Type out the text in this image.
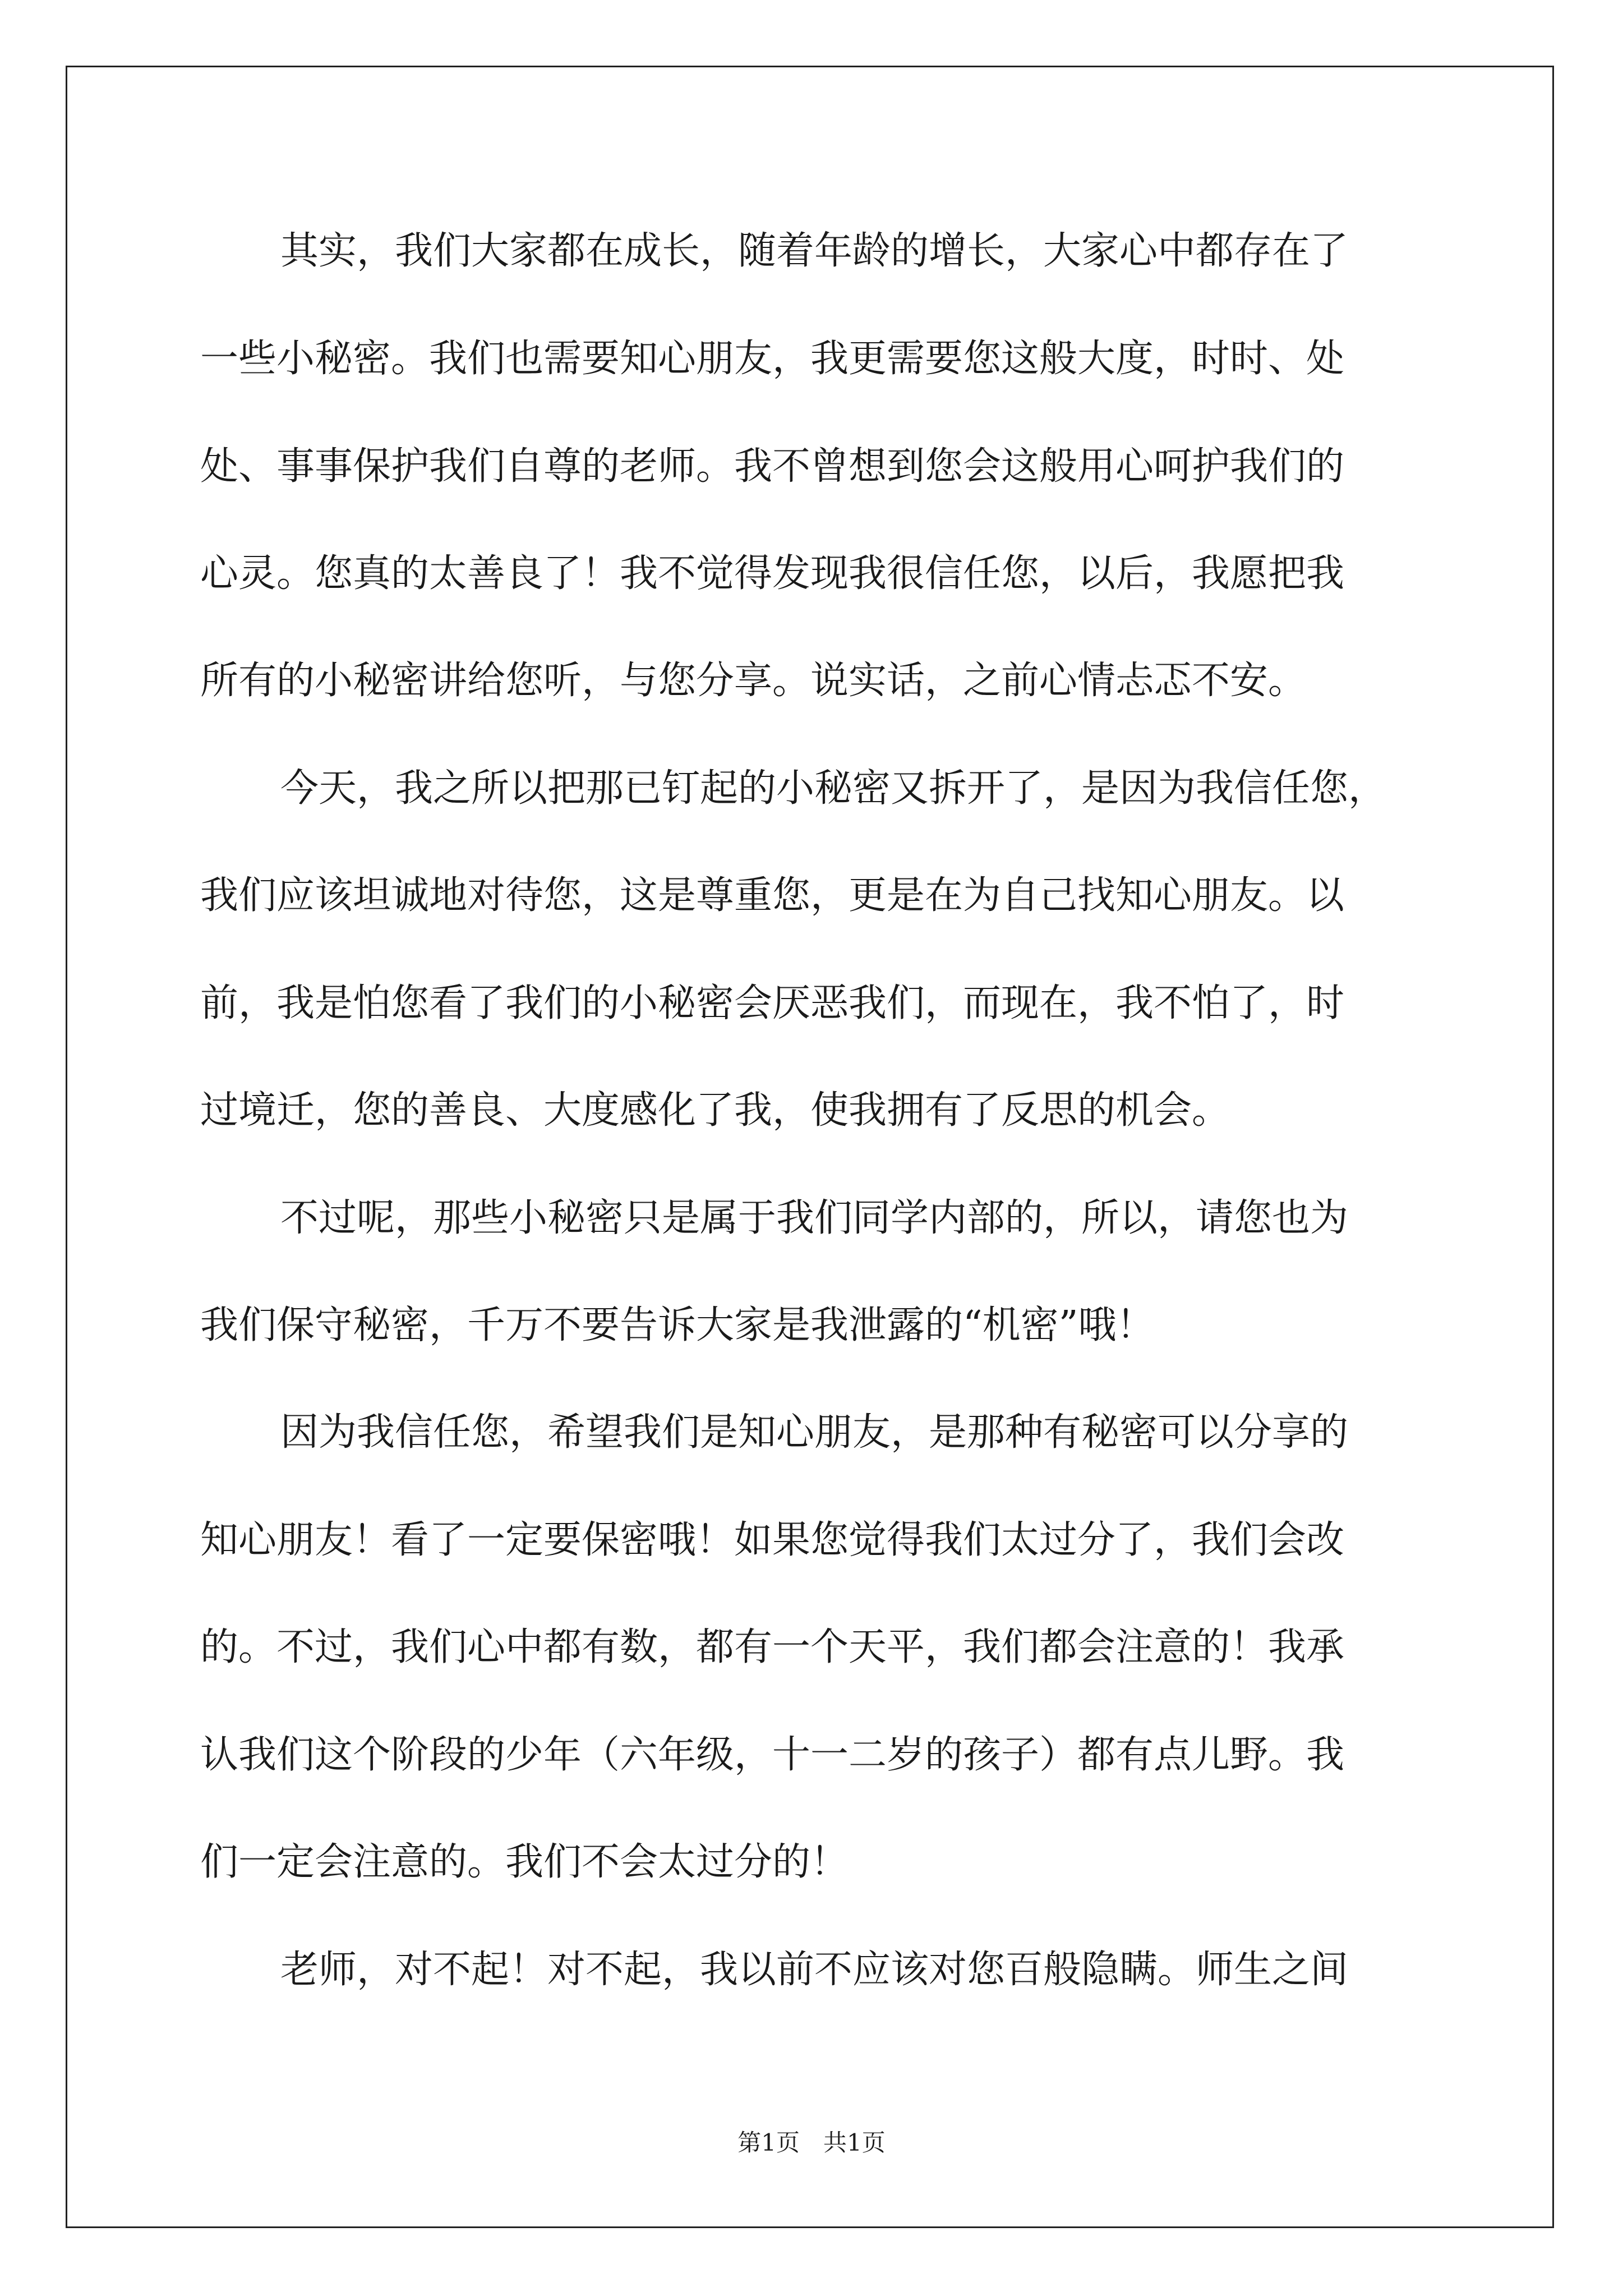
其实，我们大家都在成长，随着年龄的增长，大家心中都存在了
一些小秘密。我们也需要知心朋友，我更需要您这般大度，时时、处
处、事事保护我们自尊的老师。我不曾想到您会这般用心呵护我们的
心灵。您真的太善良了！我不觉得发现我很信任您，以后，我愿把我
所有的小秘密讲给您听，与您分享。说实话，之前心情忐忑不安。
今天，我之所以把那已钉起的小秘密又拆开了，是因为我信任您，
我们应该坦诚地对待您，这是尊重您，更是在为自己找知心朋友。以
前，我是怕您看了我们的小秘密会厌恶我们，而现在，我不怕了，时
过境迁，您的善良、大度感化了我，使我拥有了反思的机会。
不过呢，那些小秘密只是属于我们同学内部的，所以，请您也为
我们保守秘密，千万不要告诉大家是我泄露的“机密”哦！
因为我信任您，希望我们是知心朋友，是那种有秘密可以分享的
知心朋友！看了一定要保密哦！如果您觉得我们太过分了，我们会改
的。不过，我们心中都有数，都有一个天平，我们都会注意的！我承
认我们这个阶段的少年（六年级，十一二岁的孩子）都有点儿野。我
们一定会注意的。我们不会太过分的！
老师，对不起！对不起，我以前不应该对您百般隐瞒。师生之间
第1页　共1页
